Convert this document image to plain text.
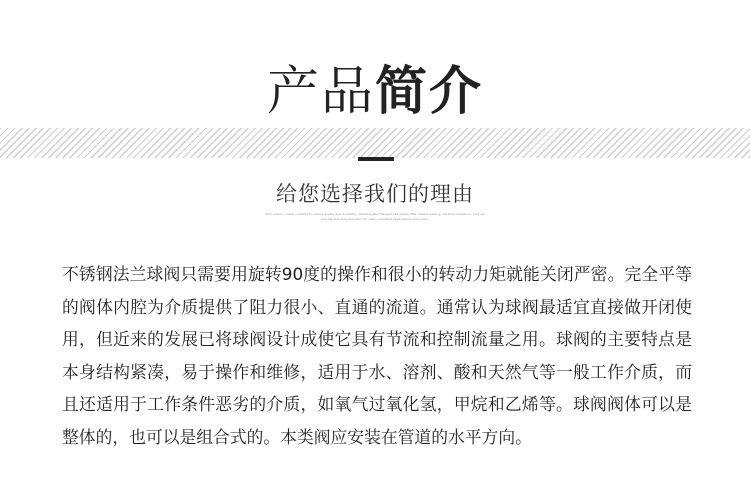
产品简介
给您选择我们的理由
Each valve is made carefully to ensure quality and durability; stainless steel flanged ball valves offer reliable sealing, low flow resistance, long service life and easy operation for many industrial applications and media.
不锈钢法兰球阀只需要用旋转90度的操作和很小的转动力矩就能关闭严密。完全平等的阀体内腔为介质提供了阻力很小、直通的流道。通常认为球阀最适宜直接做开闭使用，但近来的发展已将球阀设计成使它具有节流和控制流量之用。球阀的主要特点是本身结构紧凑，易于操作和维修，适用于水、溶剂、酸和天然气等一般工作介质，而且还适用于工作条件恶劣的介质，如氧气过氧化氢，甲烷和乙烯等。球阀阀体可以是整体的，也可以是组合式的。本类阀应安装在管道的水平方向。
